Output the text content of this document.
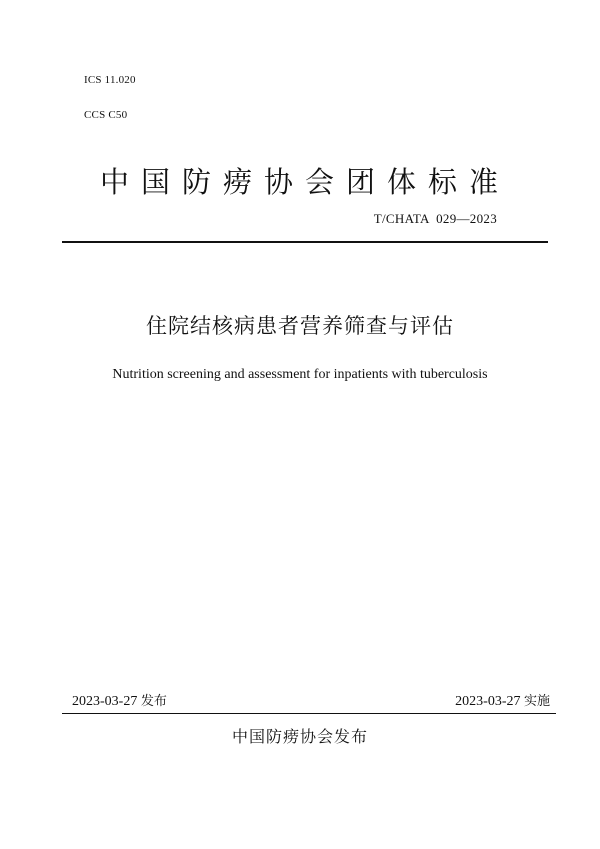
ICS 11.020
CCS C50
中国防痨协会团体标准
T/CHATA  029—2023
住院结核病患者营养筛查与评估
Nutrition screening and assessment for inpatients with tuberculosis
2023-03-27 发布	2023-03-27 实施
中国防痨协会发布
